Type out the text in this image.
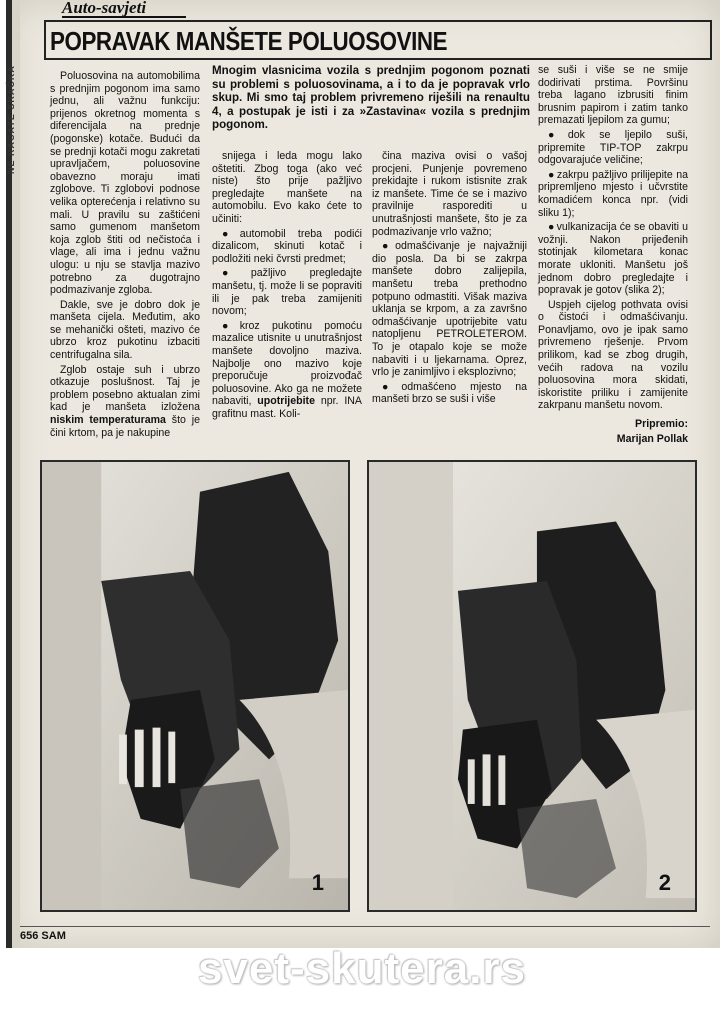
NE RACATE SRAĆKA
Auto-savjeti
POPRAVAK MANŠETE POLUOSOVINE
Mnogim vlasnicima vozila s prednjim pogonom poznati su problemi s poluosovinama, a i to da je popravak vrlo skup. Mi smo taj problem privremeno riješili na renaultu 4, a postupak je isti i za »Zastavina« vozila s prednjim pogonom.

Poluosovina na automobilima s prednjim pogonom ima samo jednu, ali važnu funkciju: prijenos okretnog momenta s diferencijala na prednje (pogonske) kotače. Budući da se prednji kotači mogu zakretati upravljačem, poluosovine obavezno moraju imati zglobove. Ti zglobovi podnose velika opterećenja i relativno su mali. U pravilu su zaštićeni samo gumenom manšetom koja zglob štiti od nečistoća i vlage, ali ima i jednu važnu ulogu: u nju se stavlja mazivo potrebno za dugotrajno podmazivanje zgloba.

Dakle, sve je dobro dok je manšeta cijela. Međutim, ako se mehanički ošteti, mazivo će ubrzo kroz pukotinu izbaciti centrifugalna sila.

Zglob ostaje suh i ubrzo otkazuje poslušnost. Taj je problem posebno aktualan zimi kad je manšeta izložena niskim temperaturama što je čini krtom, pa je nakupine

snijega i leda mogu lako oštetiti. Zbog toga (ako već niste) što prije pažljivo pregledajte manšete na automobilu. Evo kako ćete to učiniti:

● automobil treba podići dizalicom, skinuti kotač i podložiti neki čvrsti predmet;

● pažljivo pregledajte manšetu, tj. može li se popraviti ili je pak treba zamijeniti novom;

● kroz pukotinu pomoću mazalice utisnite u unutrašnjost manšete dovoljno maziva. Najbolje ono mazivo koje preporučuje proizvođač poluosovine. Ako ga ne možete nabaviti, upotrijebite npr. INA grafitnu mast. Koli-

čina maziva ovisi o vašoj procjeni. Punjenje povremeno prekidajte i rukom istisnite zrak iz manšete. Time će se i mazivo pravilnije rasporediti u unutrašnjosti manšete, što je za podmazivanje vrlo važno;

● odmašćivanje je najvažniji dio posla. Da bi se zakrpa manšete dobro zalijepila, manšetu treba prethodno potpuno odmastiti. Višak maziva uklanja se krpom, a za završno odmašćivanje upotrijebite vatu natopljenu PETROLETEROM. To je otapalo koje se može nabaviti i u ljekarnama. Oprez, vrlo je zanimljivo i eksplozivno;

● odmašćeno mjesto na manšeti brzo se suši i više

se suši i više se ne smije dodirivati prstima. Površinu treba lagano izbrusiti finim brusnim papirom i zatim tanko premazati ljepilom za gumu;

● dok se ljepilo suši, pripremite TIP-TOP zakrpu odgovarajuće veličine;

● zakrpu pažljivo prilijepite na pripremljeno mjesto i učvrstite komadićem konca npr. (vidi sliku 1);

● vulkanizacija će se obaviti u vožnji. Nakon prijeđenih stotinjak kilometara konac morate ukloniti. Manšetu još jednom dobro pregledajte i popravak je gotov (slika 2);

Uspjeh cijelog pothvata ovisi o čistoći i odmašćivanju. Ponavljamo, ovo je ipak samo privremeno rješenje. Prvom prilikom, kad se zbog drugih, većih radova na vozilu poluosovina mora skidati, iskoristite priliku i zamijenite zakrpanu manšetu novom.

Pripremio:

Marijan Pollak

1	2
656 SAM
svet-skutera.rs
